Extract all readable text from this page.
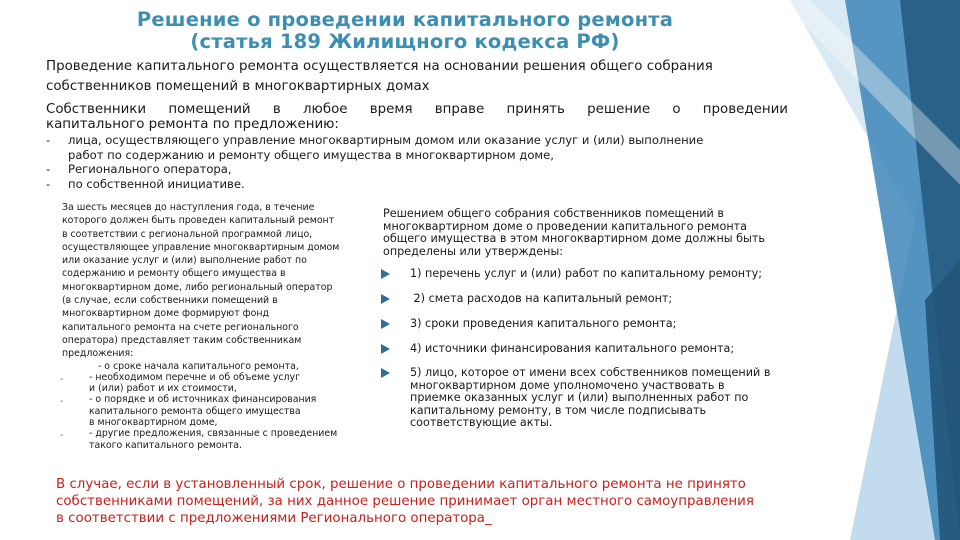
Решение о проведении капитального ремонта
(статья 189 Жилищного кодекса РФ)
Проведение капитального ремонта осуществляется на основании решения общего собрания
собственников помещений в многоквартирных домах
Собственники помещений в любое время вправе принять решение о проведении
капитального ремонта по предложению:
- лица, осуществляющего управление многоквартирным домом или оказание услуг и (или) выполнение
работ по содержанию и ремонту общего имущества в многоквартирном доме,
- Регионального оператора,
- по собственной инициативе.
За шесть месяцев до наступления года, в течение
которого должен быть проведен капитальный ремонт
в соответствии с региональной программой лицо,
осуществляющее управление многоквартирным домом
или оказание услуг и (или) выполнение работ по
содержанию и ремонту общего имущества в
многоквартирном доме, либо региональный оператор
(в случае, если собственники помещений в
многоквартирном доме формируют фонд
капитального ремонта на счете регионального
оператора) представляет таким собственникам
предложения:
- о сроке начала капитального ремонта,
-	- необходимом перечне и об объеме услуг
и (или) работ и их стоимости,
-	- о порядке и об источниках финансирования
капитального ремонта общего имущества
в многоквартирном доме,
-	- другие предложения, связанные с проведением
такого капитального ремонта.
Решением общего собрания собственников помещений в
многоквартирном доме о проведении капитального ремонта
общего имущества в этом многоквартирном доме должны быть
определены или утверждены:
1) перечень услуг и (или) работ по капитальному ремонту;
2) смета расходов на капитальный ремонт;
3) сроки проведения капитального ремонта;
4) источники финансирования капитального ремонта;
5) лицо, которое от имени всех собственников помещений в
многоквартирном доме уполномочено участвовать в
приемке оказанных услуг и (или) выполненных работ по
капитальному ремонту, в том числе подписывать
соответствующие акты.
В случае, если в установленный срок, решение о проведении капитального ремонта не принято
собственниками помещений, за них данное решение принимает орган местного самоуправления
в соответствии с предложениями Регионального оператора_
